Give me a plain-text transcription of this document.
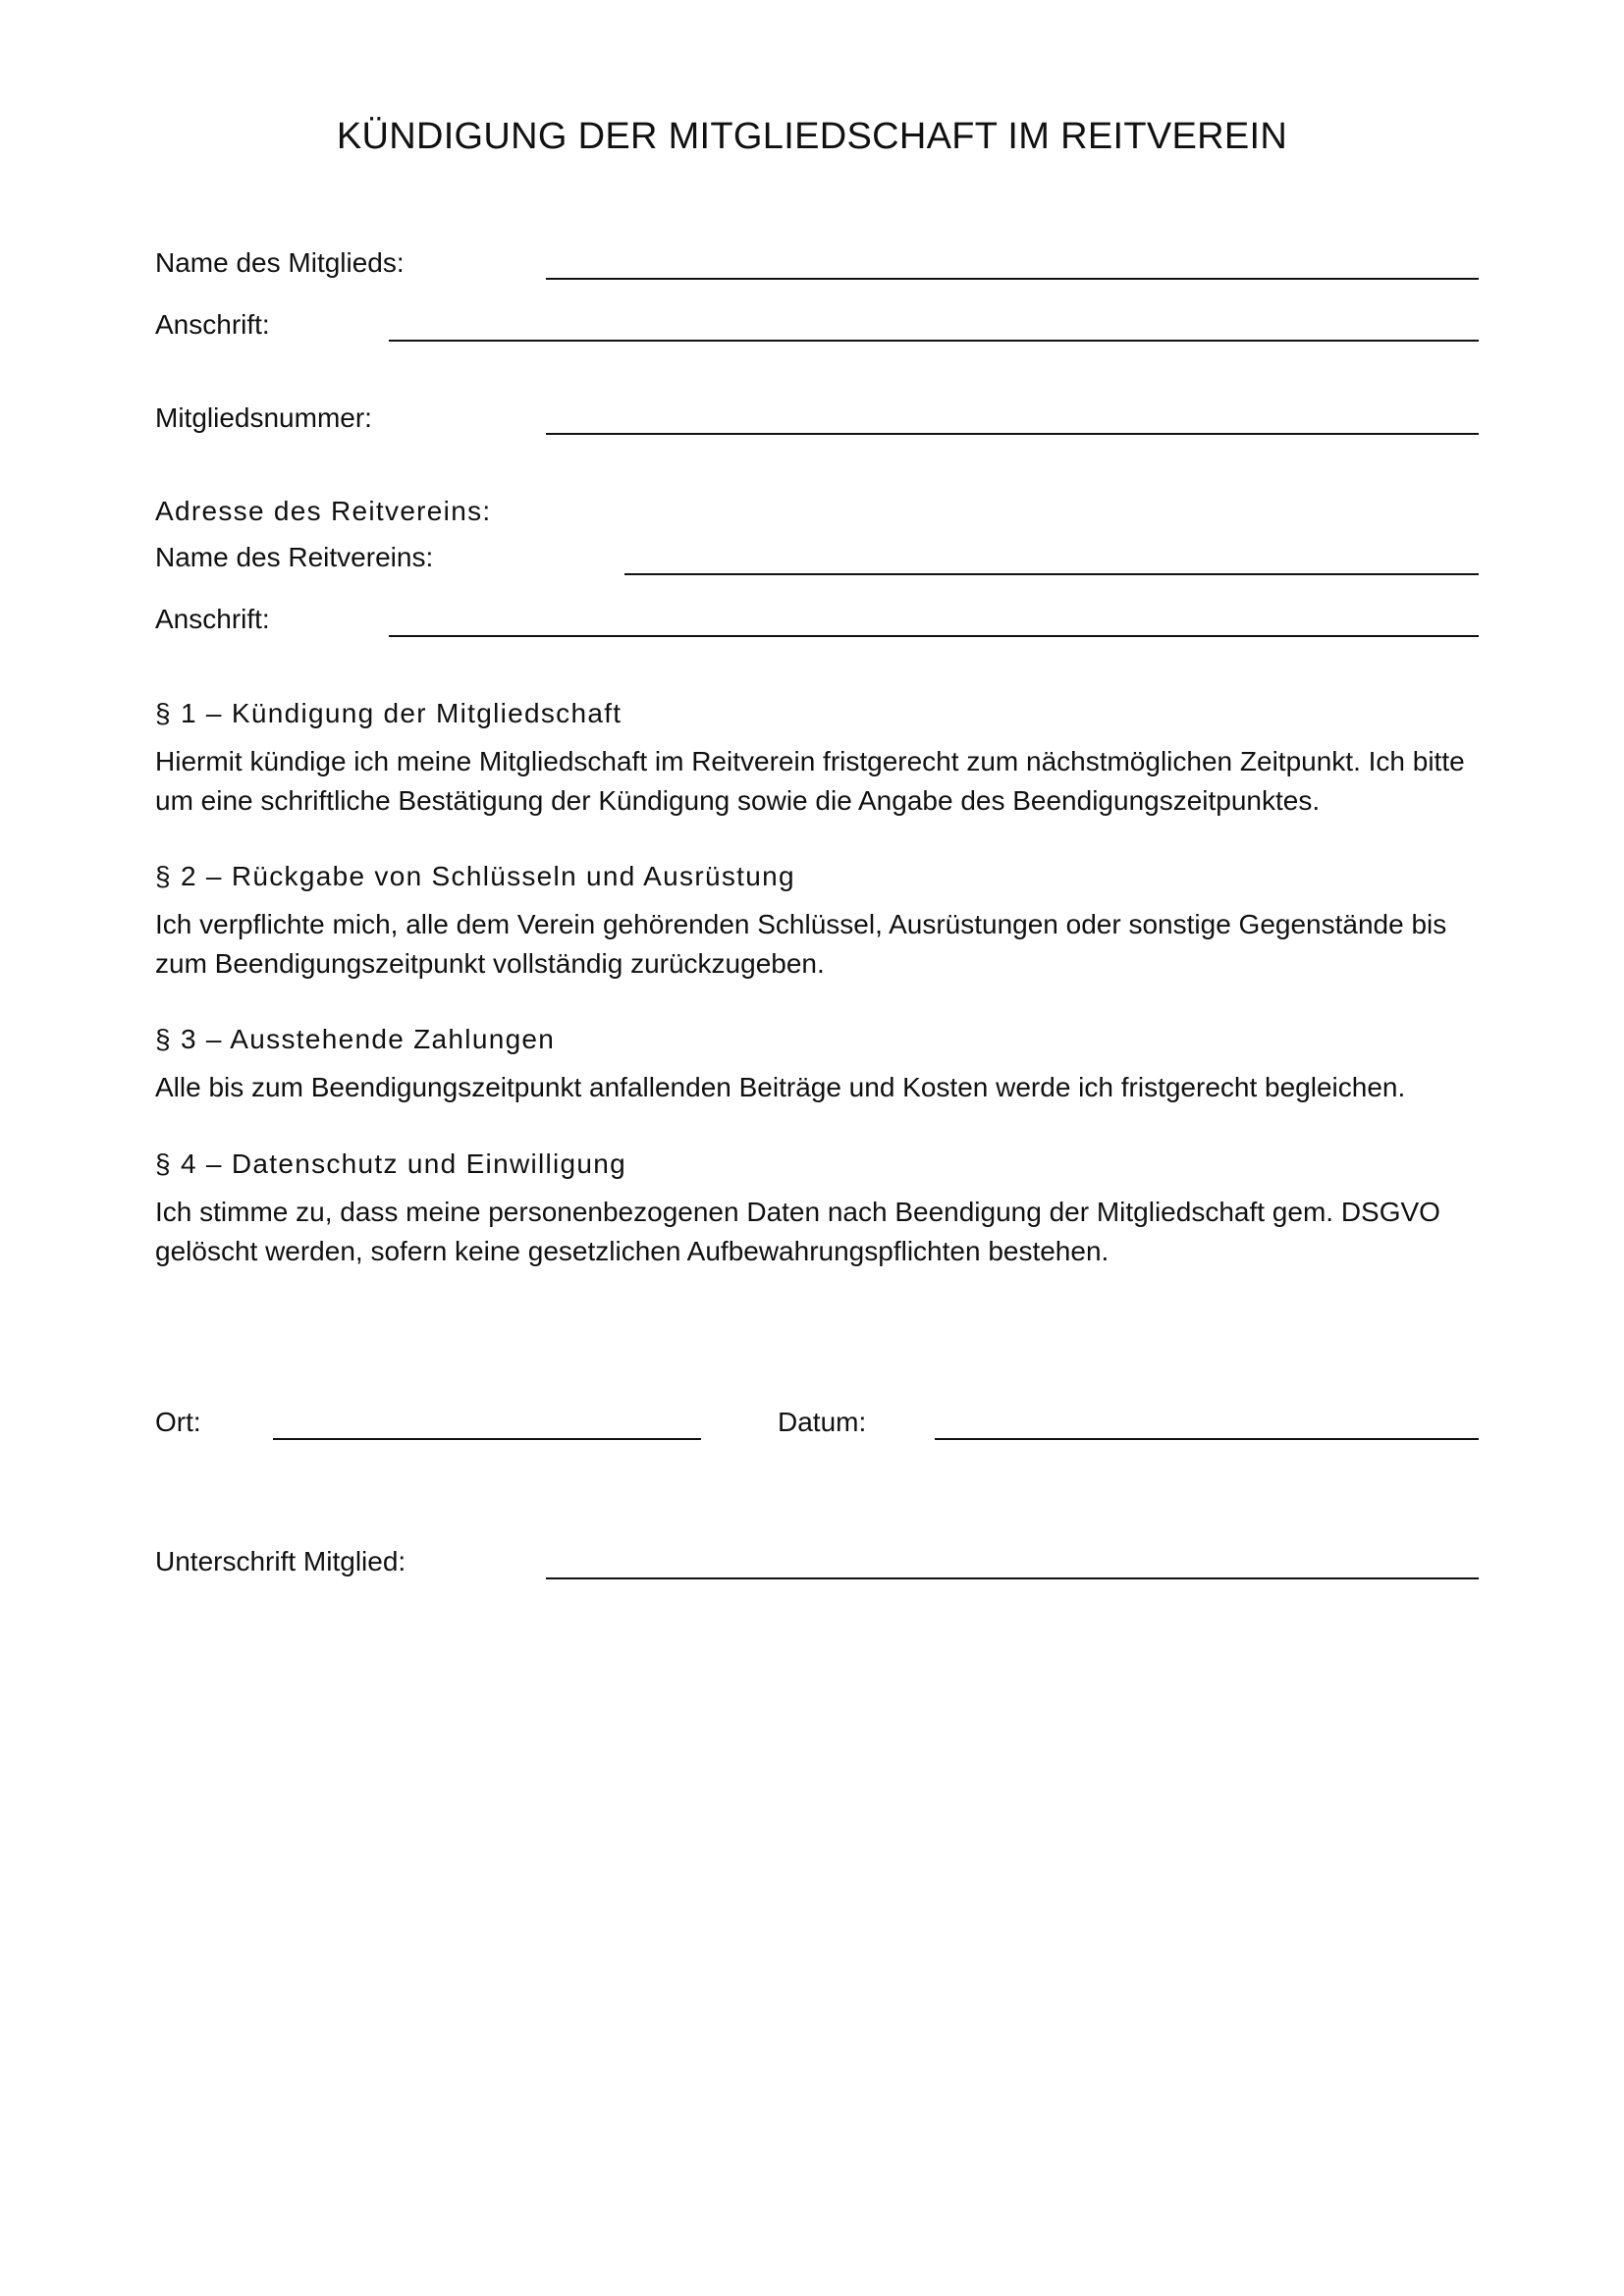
KÜNDIGUNG DER MITGLIEDSCHAFT IM REITVEREIN
Name des Mitglieds:
Anschrift:
Mitgliedsnummer:
Adresse des Reitvereins:
Name des Reitvereins:
Anschrift:
§ 1 – Kündigung der Mitgliedschaft

Hiermit kündige ich meine Mitgliedschaft im Reitverein fristgerecht zum nächstmöglichen Zeitpunkt. Ich bitte um eine schriftliche Bestätigung der Kündigung sowie die Angabe des Beendigungszeitpunktes.

§ 2 – Rückgabe von Schlüsseln und Ausrüstung

Ich verpflichte mich, alle dem Verein gehörenden Schlüssel, Ausrüstungen oder sonstige Gegenstände bis zum Beendigungszeitpunkt vollständig zurückzugeben.

§ 3 – Ausstehende Zahlungen

Alle bis zum Beendigungszeitpunkt anfallenden Beiträge und Kosten werde ich fristgerecht begleichen.

§ 4 – Datenschutz und Einwilligung

Ich stimme zu, dass meine personenbezogenen Daten nach Beendigung der Mitgliedschaft gem. DSGVO gelöscht werden, sofern keine gesetzlichen Aufbewahrungspflichten bestehen.

Ort:	Datum:
Unterschrift Mitglied:
